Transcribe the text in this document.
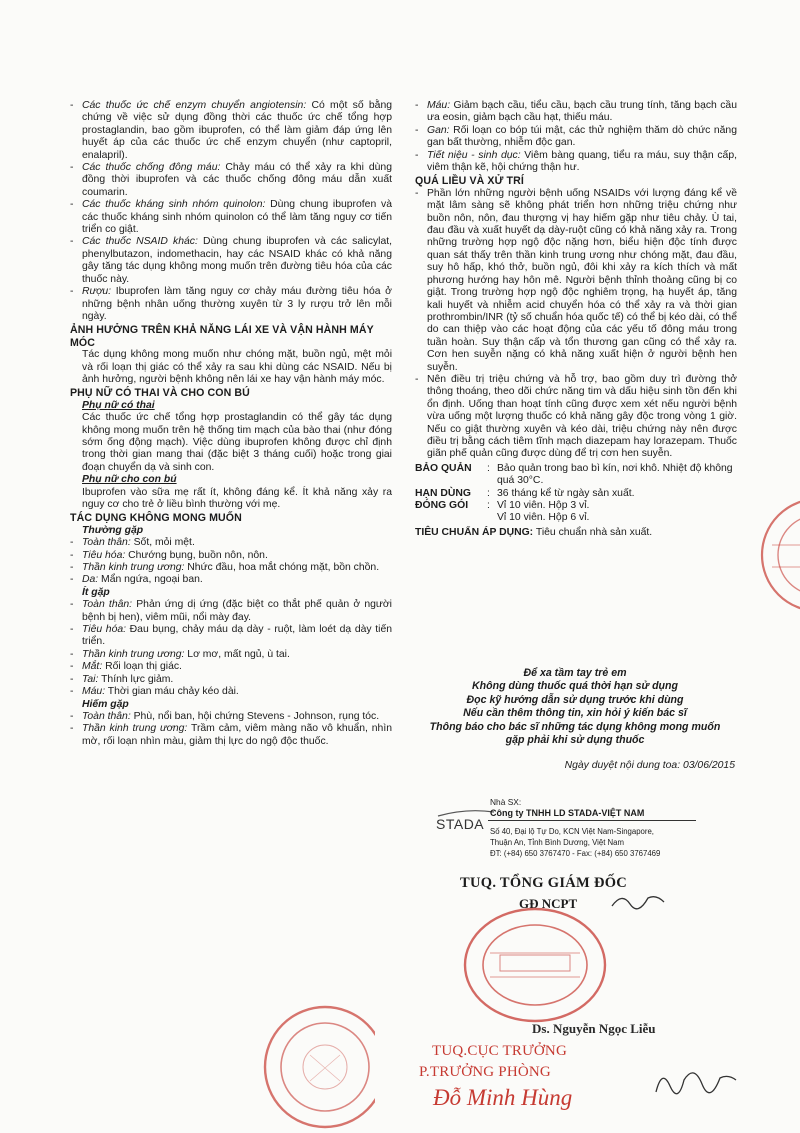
- Các thuốc ức chế enzym chuyển angiotensin: Có một số bằng chứng về việc sử dụng đồng thời các thuốc ức chế tổng hợp prostaglandin, bao gồm ibuprofen, có thể làm giảm đáp ứng lên huyết áp của các thuốc ức chế enzym chuyển (như captopril, enalapril).
- Các thuốc chống đông máu: Chảy máu có thể xảy ra khi dùng đồng thời ibuprofen và các thuốc chống đông máu dẫn xuất coumarin.
- Các thuốc kháng sinh nhóm quinolon: Dùng chung ibuprofen và các thuốc kháng sinh nhóm quinolon có thể làm tăng nguy cơ tiến triển co giật.
- Các thuốc NSAID khác: Dùng chung ibuprofen và các salicylat, phenylbutazon, indomethacin, hay các NSAID khác có khả năng gây tăng tác dụng không mong muốn trên đường tiêu hóa của các thuốc này.
- Rượu: Ibuprofen làm tăng nguy cơ chảy máu đường tiêu hóa ở những bệnh nhân uống thường xuyên từ 3 ly rượu trở lên mỗi ngày.
ẢNH HƯỞNG TRÊN KHẢ NĂNG LÁI XE VÀ VẬN HÀNH MÁY MÓC
Tác dụng không mong muốn như chóng mặt, buồn ngủ, mệt mỏi và rối loạn thị giác có thể xảy ra sau khi dùng các NSAID. Nếu bị ảnh hưởng, người bệnh không nên lái xe hay vận hành máy móc.
PHỤ NỮ CÓ THAI VÀ CHO CON BÚ
Phụ nữ có thai
Các thuốc ức chế tổng hợp prostaglandin có thể gây tác dụng không mong muốn trên hệ thống tim mạch của bào thai (như đóng sớm ống động mạch). Việc dùng ibuprofen không được chỉ định trong thời gian mang thai (đặc biệt 3 tháng cuối) hoặc trong giai đoạn chuyển dạ và sinh con.
Phụ nữ cho con bú
Ibuprofen vào sữa mẹ rất ít, không đáng kể. Ít khả năng xảy ra nguy cơ cho trẻ ở liều bình thường với mẹ.
TÁC DỤNG KHÔNG MONG MUỐN
Thường gặp
- Toàn thân: Sốt, mỏi mệt.
- Tiêu hóa: Chướng bụng, buồn nôn, nôn.
- Thần kinh trung ương: Nhức đầu, hoa mắt chóng mặt, bồn chồn.
- Da: Mẩn ngứa, ngoại ban.
Ít gặp
- Toàn thân: Phản ứng dị ứng (đặc biệt co thắt phế quản ở người bệnh bị hen), viêm mũi, nổi mày đay.
- Tiêu hóa: Đau bụng, chảy máu dạ dày - ruột, làm loét dạ dày tiến triển.
- Thần kinh trung ương: Lơ mơ, mất ngủ, ù tai.
- Mắt: Rối loạn thị giác.
- Tai: Thính lực giảm.
- Máu: Thời gian máu chảy kéo dài.
Hiếm gặp
- Toàn thân: Phù, nổi ban, hội chứng Stevens - Johnson, rụng tóc.
- Thần kinh trung ương: Trầm cảm, viêm màng não vô khuẩn, nhìn mờ, rối loạn nhìn màu, giảm thị lực do ngộ độc thuốc.
- Máu: Giảm bạch cầu, tiểu cầu, bạch cầu trung tính, tăng bạch cầu ưa eosin, giảm bạch cầu hạt, thiếu máu.
- Gan: Rối loạn co bóp túi mật, các thử nghiệm thăm dò chức năng gan bất thường, nhiễm độc gan.
- Tiết niệu - sinh dục: Viêm bàng quang, tiểu ra máu, suy thận cấp, viêm thận kẽ, hội chứng thận hư.
QUÁ LIỀU VÀ XỬ TRÍ
- Phần lớn những người bệnh uống NSAIDs với lượng đáng kể về mặt lâm sàng sẽ không phát triển hơn những triệu chứng như buồn nôn, nôn, đau thượng vị hay hiếm gặp như tiêu chảy. Ù tai, đau đầu và xuất huyết dạ dày-ruột cũng có khả năng xảy ra. Trong những trường hợp ngộ độc nặng hơn, biểu hiện độc tính được quan sát thấy trên thần kinh trung ương như chóng mặt, đau đầu, suy hô hấp, khó thở, buồn ngủ, đôi khi xảy ra kích thích và mất phương hướng hay hôn mê. Người bệnh thỉnh thoảng cũng bị co giật. Trong trường hợp ngộ độc nghiêm trọng, hạ huyết áp, tăng kali huyết và nhiễm acid chuyển hóa có thể xảy ra và thời gian prothrombin/INR (tỷ số chuẩn hóa quốc tế) có thể bị kéo dài, có thể do can thiệp vào các hoạt động của các yếu tố đông máu trong tuần hoàn. Suy thận cấp và tổn thương gan cũng có thể xảy ra. Cơn hen suyễn nặng có khả năng xuất hiện ở người bệnh hen suyễn.
- Nên điều trị triệu chứng và hỗ trợ, bao gồm duy trì đường thở thông thoáng, theo dõi chức năng tim và dấu hiệu sinh tồn đến khi ổn định. Uống than hoạt tính cũng được xem xét nếu người bệnh vừa uống một lượng thuốc có khả năng gây độc trong vòng 1 giờ. Nếu co giật thường xuyên và kéo dài, triệu chứng này nên được điều trị bằng cách tiêm tĩnh mạch diazepam hay lorazepam. Thuốc giãn phế quản cũng được dùng để trị cơn hen suyễn.
BẢO QUẢN	: Bảo quản trong bao bì kín, nơi khô. Nhiệt độ không quá 30°C.
HẠN DÙNG	: 36 tháng kể từ ngày sản xuất.
ĐÓNG GÓI	: Vỉ 10 viên. Hộp 3 vỉ.
Vỉ 10 viên. Hộp 6 vỉ.
TIÊU CHUẨN ÁP DỤNG: Tiêu chuẩn nhà sản xuất.
Để xa tầm tay trẻ em
Không dùng thuốc quá thời hạn sử dụng
Đọc kỹ hướng dẫn sử dụng trước khi dùng
Nếu cần thêm thông tin, xin hỏi ý kiến bác sĩ
Thông báo cho bác sĩ những tác dụng không mong muốn gặp phải khi sử dụng thuốc
Ngày duyệt nội dung toa: 03/06/2015
STADA
Nhà SX:
Công ty TNHH LD STADA-VIỆT NAM
Số 40, Đại lộ Tự Do, KCN Việt Nam-Singapore,
Thuận An, Tỉnh Bình Dương, Việt Nam
ĐT: (+84) 650 3767470 - Fax: (+84) 650 3767469
TUQ. TỔNG GIÁM ĐỐC
GĐ NCPT
Ds. Nguyễn Ngọc Liễu
TUQ.CỤC TRƯỞNG
P.TRƯỞNG PHÒNG
Đỗ Minh Hùng
